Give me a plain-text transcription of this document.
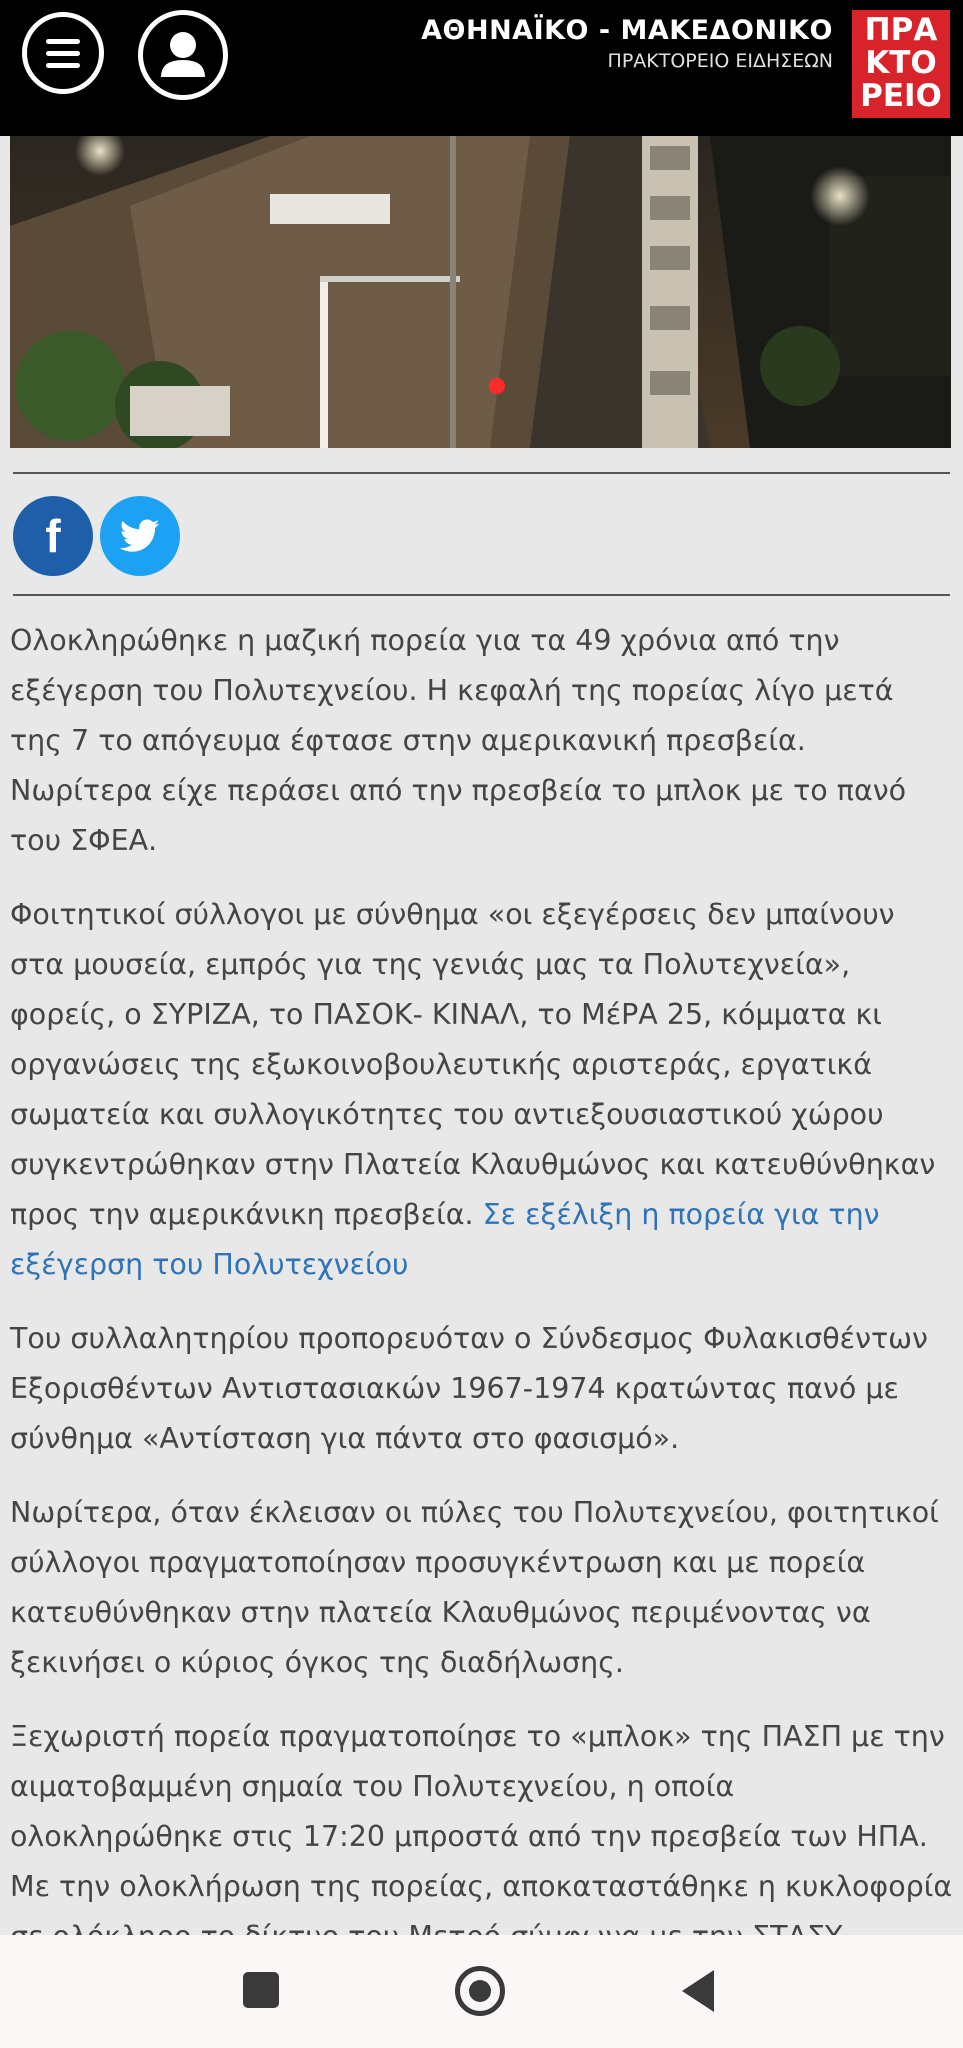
ΑΘΗΝΑΪΚΟ - ΜΑΚΕΔΟΝΙΚΟ
ΠΡΑΚΤΟΡΕΙΟ ΕΙΔΗΣΕΩΝ
ΠΡΑ
ΚΤΟ
ΡΕΙΟ
f

Ολοκληρώθηκε η μαζική πορεία για τα 49 χρόνια από την εξέγερση του Πολυτεχνείου. Η κεφαλή της πορείας λίγο μετά της 7 το απόγευμα έφτασε στην αμερικανική πρεσβεία. Νωρίτερα είχε περάσει από την πρεσβεία το μπλοκ με το πανό του ΣΦΕΑ.

Φοιτητικοί σύλλογοι με σύνθημα «οι εξεγέρσεις δεν μπαίνουν στα μουσεία, εμπρός για της γενιάς μας τα Πολυτεχνεία», φορείς, ο ΣΥΡΙΖΑ, το ΠΑΣΟΚ- ΚΙΝΑΛ, το ΜέΡΑ 25, κόμματα κι οργανώσεις της εξωκοινοβουλευτικής αριστεράς, εργατικά σωματεία και συλλογικότητες του αντιεξουσιαστικού χώρου συγκεντρώθηκαν στην Πλατεία Κλαυθμώνος και κατευθύνθηκαν προς την αμερικάνικη πρεσβεία. Σε εξέλιξη η πορεία για την εξέγερση του Πολυτεχνείου

Του συλλαλητηρίου προπορευόταν ο Σύνδεσμος Φυλακισθέντων Εξορισθέντων Αντιστασιακών 1967-1974 κρατώντας πανό με σύνθημα «Αντίσταση για πάντα στο φασισμό».

Νωρίτερα, όταν έκλεισαν οι πύλες του Πολυτεχνείου, φοιτητικοί σύλλογοι πραγματοποίησαν προσυγκέντρωση και με πορεία κατευθύνθηκαν στην πλατεία Κλαυθμώνος περιμένοντας να ξεκινήσει ο κύριος όγκος της διαδήλωσης.

Ξεχωριστή πορεία πραγματοποίησε το «μπλοκ» της ΠΑΣΠ με την αιματοβαμμένη σημαία του Πολυτεχνείου, η οποία ολοκληρώθηκε στις 17:20 μπροστά από την πρεσβεία των ΗΠΑ. Με την ολοκλήρωση της πορείας, αποκαταστάθηκε η κυκλοφορία
